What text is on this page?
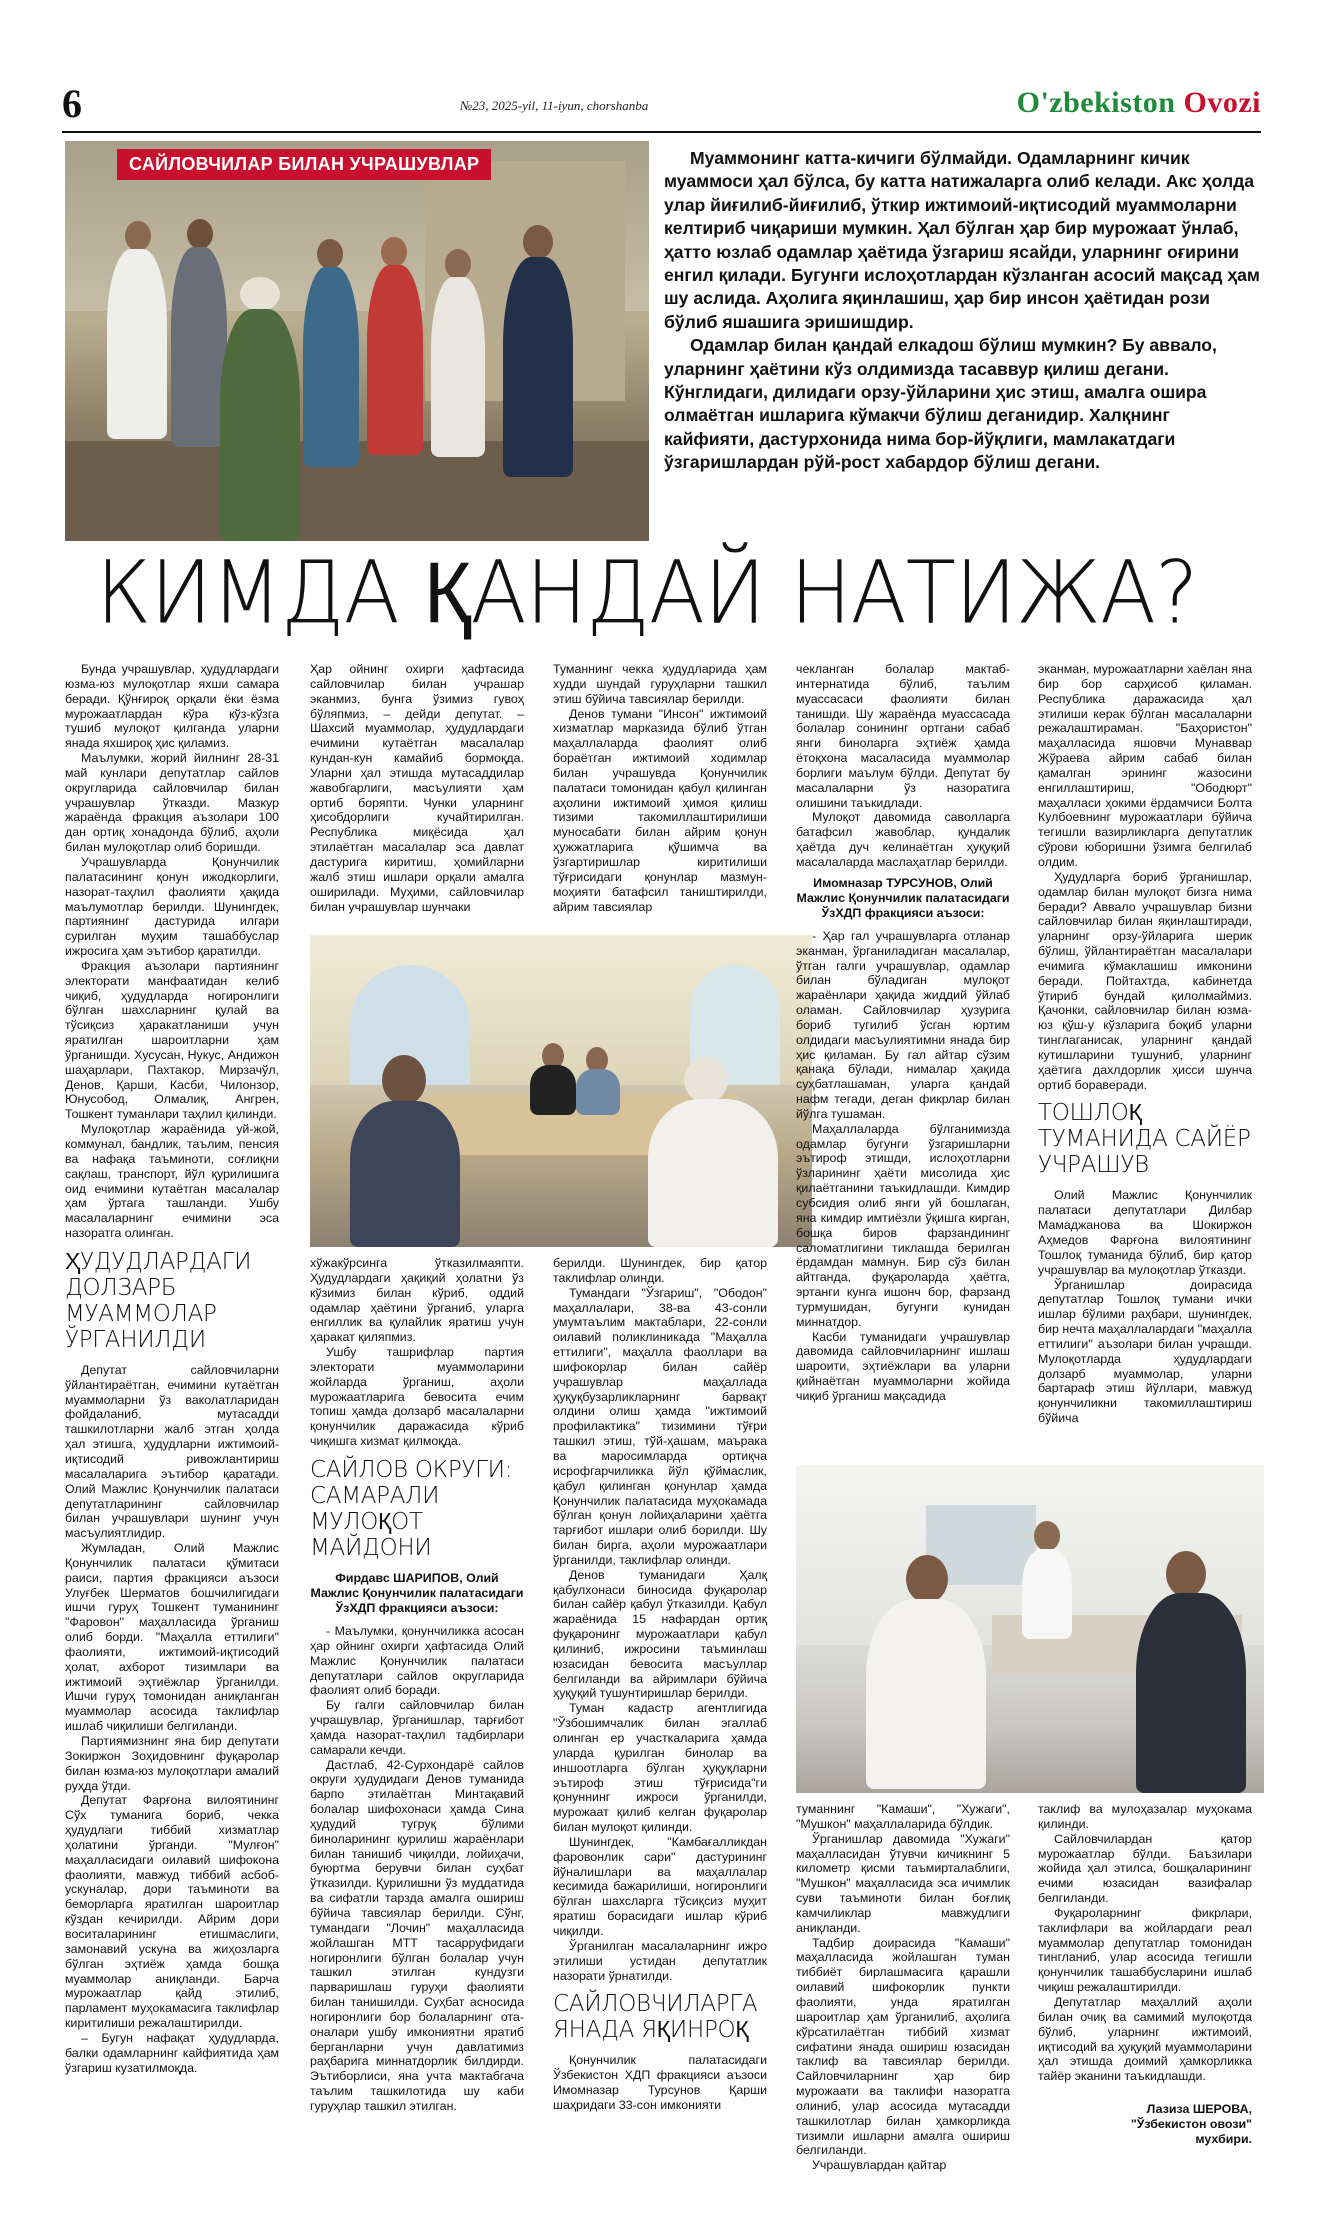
6	№23, 2025-yil, 11-iyun, chorshanba	O'zbekiston Ovozi
САЙЛОВЧИЛАР БИЛАН УЧРАШУВЛАР	Муаммонинг катта-кичиги бўлмайди. Одамларнинг кичик муаммоси ҳал бўлса, бу катта натижаларга олиб келади. Акс ҳолда улар йиғилиб-йиғилиб, ўткир ижтимоий-иқтисодий муаммоларни келтириб чиқариши мумкин. Ҳал бўлган ҳар бир мурожаат ўнлаб, ҳатто юзлаб одамлар ҳаётида ўзгариш ясайди, уларнинг оғирини енгил қилади. Бугунги ислоҳотлардан кўзланган асосий мақсад ҳам шу аслида. Аҳолига яқинлашиш, ҳар бир инсон ҳаётидан рози бўлиб яшашига эришишдир.

Одамлар билан қандай елкадош бўлиш мумкин? Бу аввало, уларнинг ҳаётини кўз олдимизда тасаввур қилиш дегани. Кўнглидаги, дилидаги орзу-ўйларини ҳис этиш, амалга ошира олмаётган ишларига кўмакчи бўлиш деганидир. Халқнинг кайфияти, дастурхонида нима бор-йўқлиги, мамлакатдаги ўзгаришлардан рўй-рост хабардор бўлиш дегани.

КИМДА ҚАНДАЙ НАТИЖА?

Бунда учрашувлар, ҳудудлардаги юзма-юз мулоқотлар яхши самара беради. Қўнғироқ орқали ёки ёзма мурожаатлардан кўра кўз-кўзга тушиб мулоқот қилганда уларни янада яхшироқ ҳис қиламиз.

Маълумки, жорий йилнинг 28-31 май кунлари депутатлар сайлов округларида сайловчилар билан учрашувлар ўтказди. Мазкур жараёнда фракция аъзолари 100 дан ортиқ хонадонда бўлиб, аҳоли билан мулоқотлар олиб боришди.

Учрашувларда Қонунчилик палатасининг қонун ижодкорлиги, назорат-таҳлил фаолияти ҳақида маълумотлар берилди. Шунингдек, партиянинг дастурида илгари сурилган муҳим ташаббуслар ижросига ҳам эътибор қаратилди.

Фракция аъзолари партиянинг электорати манфаатидан келиб чиқиб, ҳудудларда ногиронлиги бўлган шахсларнинг қулай ва тўсиқсиз ҳаракатланиши учун яратилган шароитларни ҳам ўрганишди. Хусусан, Нукус, Андижон шаҳарлари, Пахтакор, Мирзачўл, Денов, Қарши, Касби, Чилонзор, Юнусобод, Олмалиқ, Ангрен, Тошкент туманлари таҳлил қилинди.

Мулоқотлар жараёнида уй-жой, коммунал, бандлик, таълим, пенсия ва нафақа таъминоти, соғлиқни сақлаш, транспорт, йўл қурилишига оид ечимини кутаётган масалалар ҳам ўртага ташланди. Ушбу масалаларнинг ечимини эса назоратга олинган.

ҲУДУДЛАРДАГИ ДОЛЗАРБ МУАММОЛАР ЎРГАНИЛДИ

Депутат сайловчиларни ўйлантираётган, ечимини кутаётган муаммоларни ўз ваколатларидан фойдаланиб, мутасадди ташкилотларни жалб этган ҳолда ҳал этишга, ҳудудларни ижтимоий-иқтисодий ривожлантириш масалаларига эътибор қаратади. Олий Мажлис Қонунчилик палатаси депутатларининг сайловчилар билан учрашувлари шунинг учун масъулиятлидир.

Жумладан, Олий Мажлис Қонунчилик палатаси қўмитаси раиси, партия фракцияси аъзоси Улуғбек Шерматов бошчилигидаги ишчи гуруҳ Тошкент туманининг "Фаровон" маҳалласида ўрганиш олиб борди. "Маҳалла еттилиги" фаолияти, ижтимоий-иқтисодий ҳолат, ахборот тизимлари ва ижтимоий эҳтиёжлар ўрганилди. Ишчи гуруҳ томонидан аниқланган муаммолар асосида таклифлар ишлаб чиқилиши белгиланди.

Партиямизнинг яна бир депутати Зокиржон Зоҳидовнинг фуқаролар билан юзма-юз мулоқотлари амалий руҳда ўтди.

Депутат Фарғона вилоятининг Сўх туманига бориб, чекка ҳудудлаги тиббий хизматлар ҳолатини ўрганди. "Мулғон" маҳалласидаги оилавий шифокона фаолияти, мавжуд тиббий асбоб-ускуналар, дори таъминоти ва беморларга яратилган шароитлар кўздан кечирилди. Айрим дори воситаларининг етишмаслиги, замонавий ускуна ва жиҳозларга бўлган эҳтиёж ҳамда бошқа муаммолар аниқланди. Барча мурожаатлар қайд этилиб, парламент муҳокамасига таклифлар киритилиши режалаштирилди.

– Бугун нафақат ҳудудларда, балки одамларнинг кайфиятида ҳам ўзгариш кузатилмоқда.

Ҳар ойнинг охирги ҳафтасида сайловчилар билан учрашар эканмиз, бунга ўзимиз гувоҳ бўляпмиз, – дейди депутат. – Шахсий муаммолар, ҳудудлардаги ечимини кутаётган масалалар кундан-кун камайиб бормоқда. Уларни ҳал этишда мутасаддилар жавобгарлиги, масъулияти ҳам ортиб боряпти. Чунки уларнинг ҳисобдорлиги кучайтирилган. Республика миқёсида ҳал этилаётган масалалар эса давлат дастурига киритиш, ҳомийларни жалб этиш ишлари орқали амалга оширилади. Муҳими, сайловчилар билан учрашувлар шунчаки

Туманнинг чекка ҳудудларида ҳам худди шундай гуруҳларни ташкил этиш бўйича тавсиялар берилди.

Денов тумани "Инсон" ижтимоий хизматлар марказида бўлиб ўтган маҳаллаларда фаолият олиб бораётган ижтимоий ходимлар билан учрашувда Қонунчилик палатаси томонидан қабул қилинган аҳолини ижтимоий ҳимоя қилиш тизими такомиллаштирилиши муносабати билан айрим қонун ҳужжатларига қўшимча ва ўзгартиришлар киритилиши тўғрисидаги қонунлар мазмун-моҳияти батафсил таништирилди, айрим тавсиялар

хўжакўрсинга ўтказилмаяпти. Ҳудудлардаги ҳақиқий ҳолатни ўз кўзимиз билан кўриб, оддий одамлар ҳаётини ўрганиб, уларга енгиллик ва қулайлик яратиш учун ҳаракат қиляпмиз.

Ушбу ташрифлар партия электорати муаммоларини жойларда ўрганиш, аҳоли мурожаатларига бевосита ечим топиш ҳамда долзарб масалаларни қонунчилик даражасида кўриб чиқишга хизмат қилмоқда.

САЙЛОВ ОКРУГИ: САМАРАЛИ МУЛОҚОТ МАЙДОНИ
Фирдавс ШАРИПОВ, Олий Мажлис Қонунчилик палатасидаги ЎзХДП фракцияси аъзоси:

- Маълумки, қонунчиликка асосан ҳар ойнинг охирги ҳафтасида Олий Мажлис Қонунчилик палатаси депутатлари сайлов округларида фаолият олиб боради.

Бу галги сайловчилар билан учрашувлар, ўрганишлар, тарғибот ҳамда назорат-таҳлил тадбирлари самарали кечди.

Дастлаб, 42-Сурхондарё сайлов округи ҳудудидаги Денов туманида барпо этилаётган Минтақавий болалар шифохонаси ҳамда Сина ҳудудий тугруқ бўлими биноларининг қурилиш жараёнлари билан танишиб чиқилди, лойиҳачи, буюртма берувчи билан суҳбат ўтказилди. Қурилишни ўз муддатида ва сифатли тарзда амалга ошириш бўйича тавсиялар берилди. Сўнг, тумандаги "Лочин" маҳалласида жойлашган МТТ тасарруфидаги ногиронлиги бўлган болалар учун ташкил этилган кундузги парваришлаш гуруҳи фаолияти билан танишилди. Суҳбат асносида ногиронлиги бор болаларнинг ота-оналари ушбу имкониятни яратиб берганларни учун давлатимиз раҳбарига миннатдорлик билдирди. Эътиборлиси, яна учта мактабгача таълим ташкилотида шу каби гуруҳлар ташкил этилган.

берилди. Шунингдек, бир қатор таклифлар олинди.

Тумандаги "Ўзгариш", "Ободон" маҳаллалари, 38-ва 43-сонли умумтаълим мактаблари, 22-сонли оилавий поликлиникада "Маҳалла еттилиги", маҳалла фаоллари ва шифокорлар билан сайёр учрашувлар маҳаллада ҳуқуқбузарликларнинг барвақт олдини олиш ҳамда "ижтимоий профилактика" тизимини тўғри ташкил этиш, тўй-ҳашам, маърака ва маросимларда ортиқча исрофгарчиликка йўл қўймаслик, қабул қилинган қонунлар ҳамда Қонунчилик палатасида муҳокамада бўлган қонун лойиҳаларини ҳаётга тарғибот ишлари олиб борилди. Шу билан бирга, аҳоли мурожаатлари ўрганилди, таклифлар олинди.

Денов туманидаги Ҳалқ қабулхонаси биносида фуқаролар билан сайёр қабул ўтказилди. Қабул жараёнида 15 нафардан ортиқ фуқаронинг мурожаатлари қабул қилиниб, ижросини таъминлаш юзасидан бевосита масъуллар белгиланди ва айримлари бўйича ҳуқуқий тушунтиришлар берилди.

Туман кадастр агентлигида "Ўзбошимчалик билан эгаллаб олинган ер участкаларига ҳамда уларда қурилган бинолар ва иншоотларга бўлган ҳуқуқларни эътироф этиш тўғрисида"ги қонуннинг ижроси ўрганилди, мурожаат қилиб келган фуқаролар билан мулоқот қилинди.

Шунингдек, "Камбағалликдан фаровонлик сари" дастурининг йўналишлари ва маҳаллалар кесимида бажарилиши, ногиронлиги бўлган шахсларга тўсиқсиз муҳит яратиш борасидаги ишлар кўриб чиқилди.

Ўрганилган масалаларнинг ижро этилиши устидан депутатлик назорати ўрнатилди.

САЙЛОВЧИЛАРГА ЯНАДА ЯҚИНРОҚ

Қонунчилик палатасидаги Ўзбекистон ХДП фракцияси аъзоси Имомназар Турсунов Қарши шаҳридаги 33-сон имконияти

чекланган болалар мактаб-интернатида бўлиб, таълим муассасаси фаолияти билан танишди. Шу жараёнда муассасада болалар сонининг ортгани сабаб янги биноларга эҳтиёж ҳамда ётоқхона масаласида муаммолар борлиги маълум бўлди. Депутат бу масалаларни ўз назоратига олишини таъкидлади.

Мулоқот давомида саволларга батафсил жавоблар, қундалик ҳаётда дуч келинаётган ҳуқуқий масалаларда маслаҳатлар берилди.

Имомназар ТУРСУНОВ, Олий Мажлис Қонунчилик палатасидаги ЎзХДП фракцияси аъзоси:

- Ҳар гал учрашувларга отланар эканман, ўрганиладиган масалалар, ўтган галги учрашувлар, одамлар билан бўладиган мулоқот жараёнлари ҳақида жиддий ўйлаб оламан. Сайловчилар ҳузурига бориб тугилиб ўсган юртим олдидаги масъулиятимни янада бир ҳис қиламан. Бу гал айтар сўзим қанақа бўлади, нималар ҳақида суҳбатлашаман, уларга қандай нафм тегади, деган фикрлар билан йўлга тушаман.

Маҳаллаларда бўлганимизда одамлар бугунги ўзгаришларни эътироф этишди, ислоҳотларни ўзларининг ҳаёти мисолида ҳис қилаётганини таъкидлашди. Кимдир субсидия олиб янги уй бошлаган, яна кимдир имтиёзли ўқишга кирган, бошқа биров фарзандининг саломатлигини тиклашда берилган ёрдамдан мамнун. Бир сўз билан айтганда, фуқароларда ҳаётга, эртанги кунга ишонч бор, фарзанд турмушидан, бугунги кунидан миннатдор.

Касби туманидаги учрашувлар давомида сайловчиларнинг ишлаш шароити, эҳтиёжлари ва уларни қийнаётган муаммоларни жойида чиқиб ўрганиш мақсадида

эканман, мурожаатларни хаёлан яна бир бор сарҳисоб қиламан. Республика даражасида ҳал этилиши керак бўлган масалаларни режалаштираман. "Баҳористон" маҳалласида яшовчи Мунаввар Жўраева айрим сабаб билан қамалган эрининг жазосини енгиллаштириш, "Ободюрт" маҳалласи ҳокими ёрдамчиси Болта Кулбоевнинг мурожаатлари бўйича тегишли вазирликларга депутатлик сўрови юборишни ўзимга белгилаб олдим.

Ҳудудларга бориб ўрганишлар, одамлар билан мулоқот бизга нима беради? Аввало учрашувлар бизни сайловчилар билан яқинлаштиради, уларнинг орзу-ўйларига шерик бўлиш, ўйлантираётган масалалари ечимига кўмаклашиш имконини беради. Пойтахтда, кабинетда ўтириб бундай қилолмаймиз. Қачонки, сайловчилар билан юзма-юз қўш-у кўзларига боқиб уларни тинглаганисак, уларнинг қандай кутишларини тушуниб, уларнинг ҳаётига дахлдорлик ҳисси шунча ортиб бораверади.

ТОШЛОҚ ТУМАНИДА САЙЁР УЧРАШУВ

Олий Мажлис Қонунчилик палатаси депутатлари Дилбар Мамаджанова ва Шокиржон Аҳмедов Фарғона вилоятининг Тошлоқ туманида бўлиб, бир қатор учрашувлар ва мулоқотлар ўтказди.

Ўрганишлар доирасида депутатлар Тошлоқ тумани ички ишлар бўлими раҳбари, шунингдек, бир нечта маҳаллалардаги "маҳалла еттилиги" аъзолари билан учрашди. Мулоқотларда ҳудудлардаги долзарб муаммолар, уларни бартараф этиш йўллари, мавжуд қонунчиликни такомиллаштириш бўйича

туманнинг "Камаши", "Хужаги", "Мушкон" маҳаллаларида бўлдик.

Ўрганишлар давомида "Хужаги" маҳалласидан ўтувчи кичикнинг 5 километр қисми таъмирталаблиги, "Мушкон" маҳалласида эса ичимлик суви таъминоти билан боғлиқ камчиликлар мавжудлиги аниқланди.

Тадбир доирасида "Камаши" маҳалласида жойлашган туман тиббиёт бирлашмасига қарашли оилавий шифокорлик пункти фаолияти, унда яратилган шароитлар ҳам ўрганилиб, аҳолига кўрсатилаётган тиббий хизмат сифатини янада ошириш юзасидан таклиф ва тавсиялар берилди. Сайловчиларнинг ҳар бир мурожаати ва таклифи назоратга олиниб, улар асосида мутасадди ташкилотлар билан ҳамкорликда тизимли ишларни амалга ошириш белгиланди.

Учрашувлардан қайтар

таклиф ва мулоҳазалар муҳокама қилинди.

Сайловчилардан қатор мурожаатлар бўлди. Баъзилари жойида ҳал этилса, бошқаларининг ечими юзасидан вазифалар белгиланди.

Фуқароларнинг фикрлари, таклифлари ва жойлардаги реал муаммолар депутатлар томонидан тингланиб, улар асосида тегишли қонунчилик ташаббусларини ишлаб чиқиш режалаштирилди.

Депутатлар маҳаллий аҳоли билан очиқ ва самимий мулоқотда бўлиб, уларнинг ижтимоий, иқтисодий ва ҳуқуқий муаммоларини ҳал этишда доимий ҳамкорликка тайёр эканини таъкидлашди.

Лазиза ШЕРОВА,
"Ўзбекистон овози"
мухбири.
